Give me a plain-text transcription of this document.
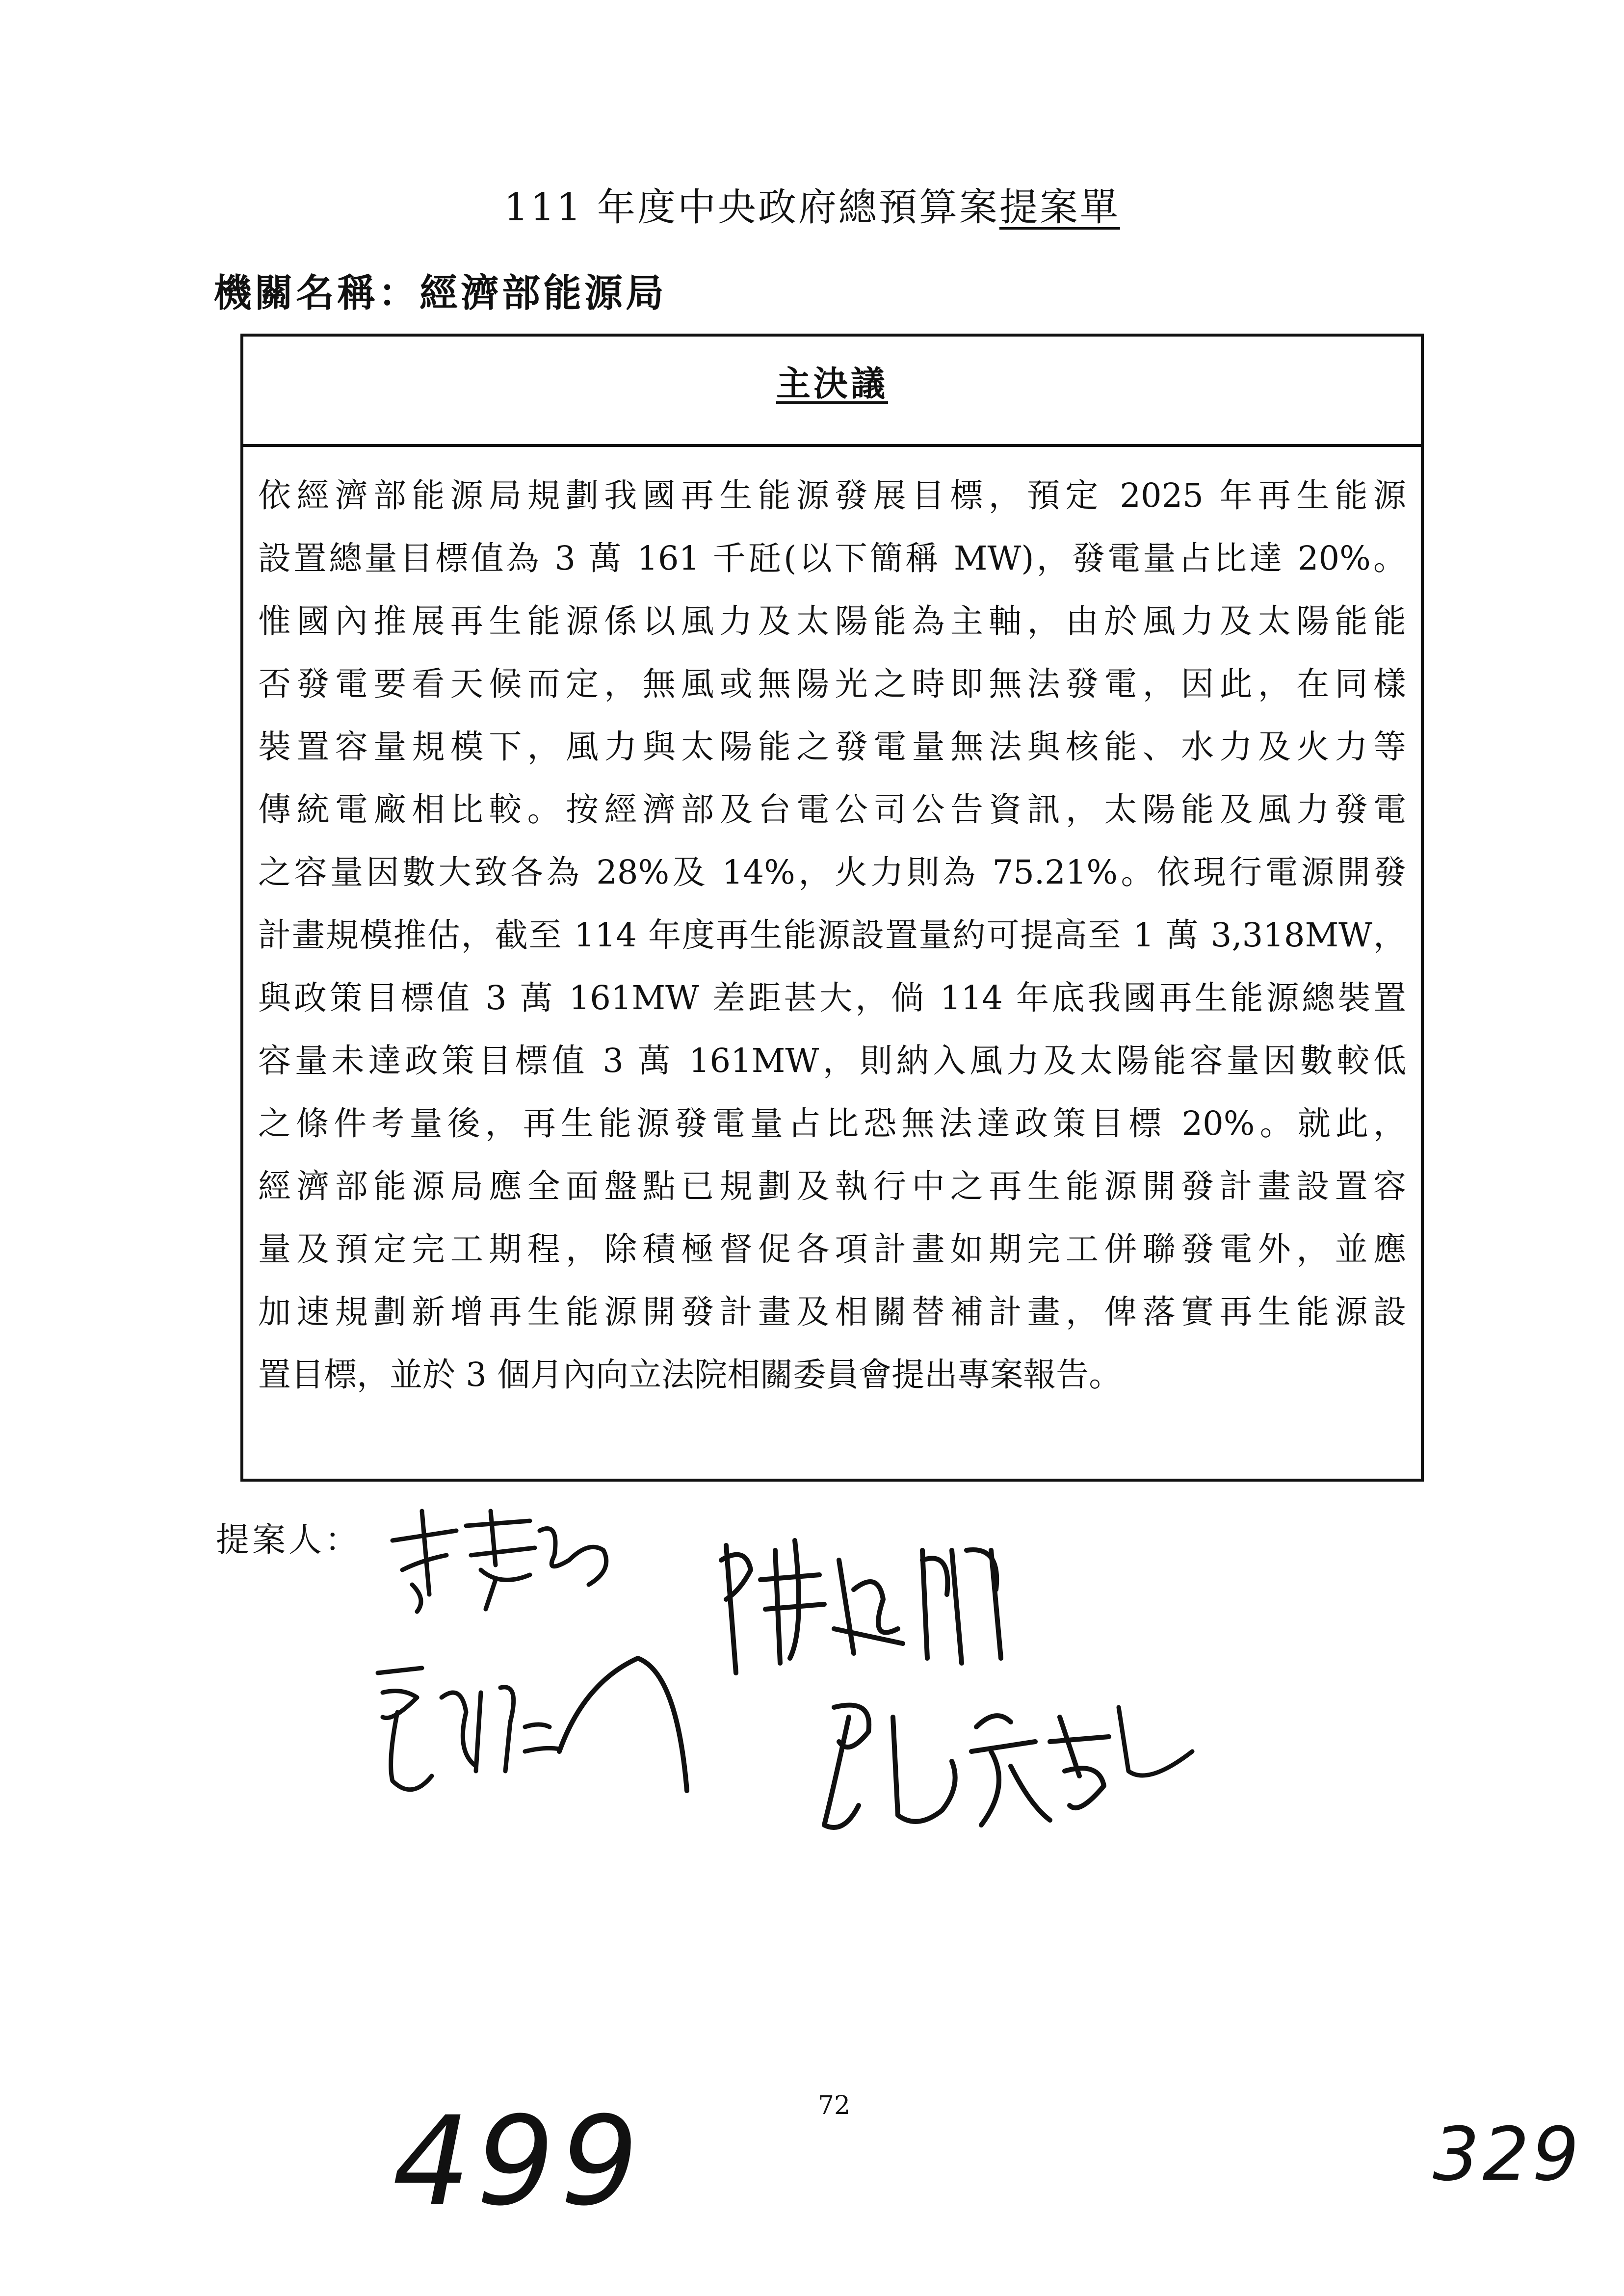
111 年度中央政府總預算案提案單
機關名稱：經濟部能源局
主決議
依經濟部能源局規劃我國再生能源發展目標，預定 2025 年再生能源
設置總量目標值為 3 萬 161 千瓩(以下簡稱 MW)，發電量占比達 20%。
惟國內推展再生能源係以風力及太陽能為主軸，由於風力及太陽能能
否發電要看天候而定，無風或無陽光之時即無法發電，因此，在同樣
裝置容量規模下，風力與太陽能之發電量無法與核能、水力及火力等
傳統電廠相比較。按經濟部及台電公司公告資訊，太陽能及風力發電
之容量因數大致各為 28%及 14%，火力則為 75.21%。依現行電源開發
計畫規模推估，截至 114 年度再生能源設置量約可提高至 1 萬 3,318MW，
與政策目標值 3 萬 161MW 差距甚大，倘 114 年底我國再生能源總裝置
容量未達政策目標值 3 萬 161MW，則納入風力及太陽能容量因數較低
之條件考量後，再生能源發電量占比恐無法達政策目標 20%。就此，
經濟部能源局應全面盤點已規劃及執行中之再生能源開發計畫設置容
量及預定完工期程，除積極督促各項計畫如期完工併聯發電外，並應
加速規劃新增再生能源開發計畫及相關替補計畫，俾落實再生能源設
置目標，並於 3 個月內向立法院相關委員會提出專案報告。
提案人：
72
499	329
